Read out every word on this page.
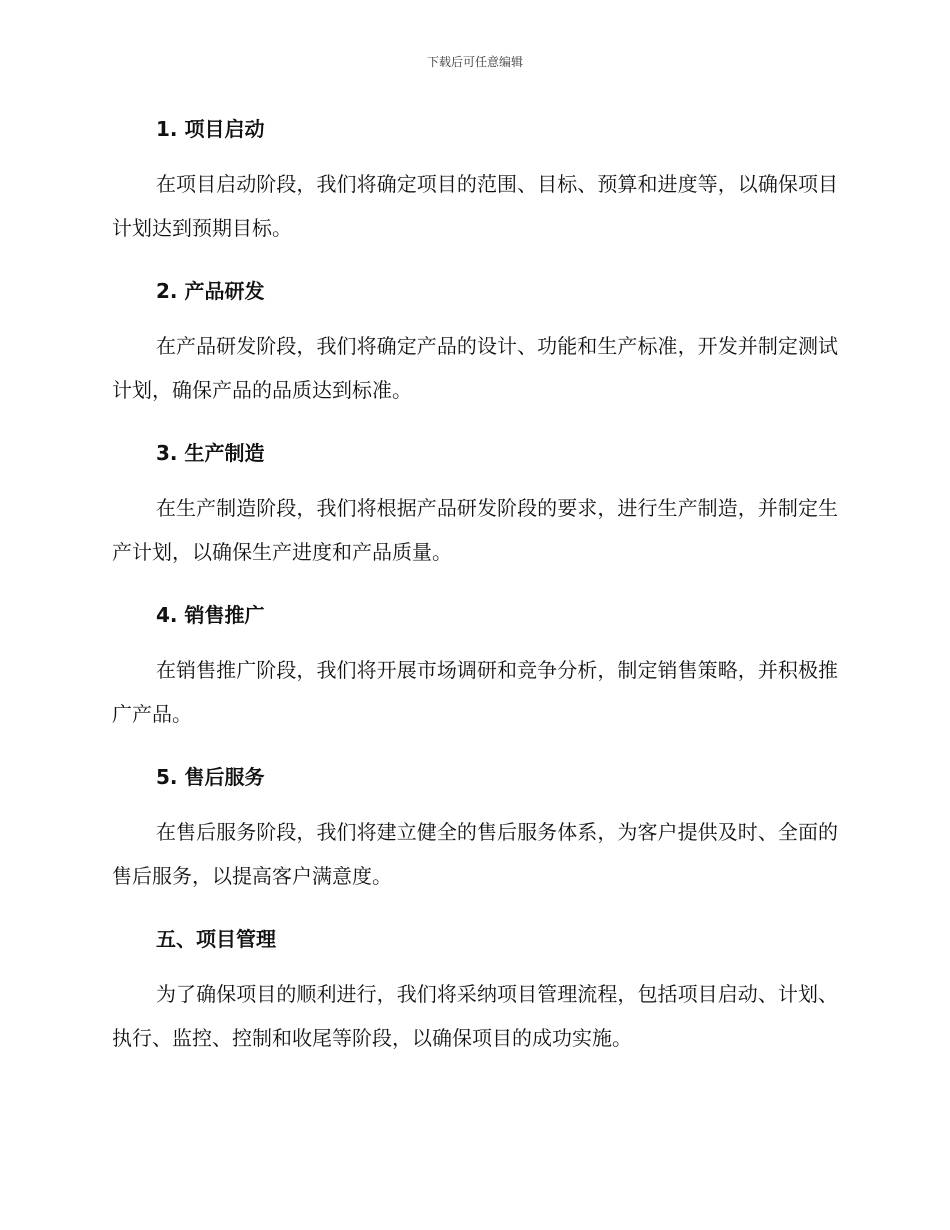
下载后可任意编辑
1. 项目启动

在项目启动阶段，我们将确定项目的范围、目标、预算和进度等，以确保项目计划达到预期目标。

2. 产品研发

在产品研发阶段，我们将确定产品的设计、功能和生产标准，开发并制定测试计划，确保产品的品质达到标准。

3. 生产制造

在生产制造阶段，我们将根据产品研发阶段的要求，进行生产制造，并制定生产计划，以确保生产进度和产品质量。

4. 销售推广

在销售推广阶段，我们将开展市场调研和竞争分析，制定销售策略，并积极推广产品。

5. 售后服务

在售后服务阶段，我们将建立健全的售后服务体系，为客户提供及时、全面的售后服务，以提高客户满意度。

五、项目管理

为了确保项目的顺利进行，我们将采纳项目管理流程，包括项目启动、计划、执行、监控、控制和收尾等阶段，以确保项目的成功实施。
